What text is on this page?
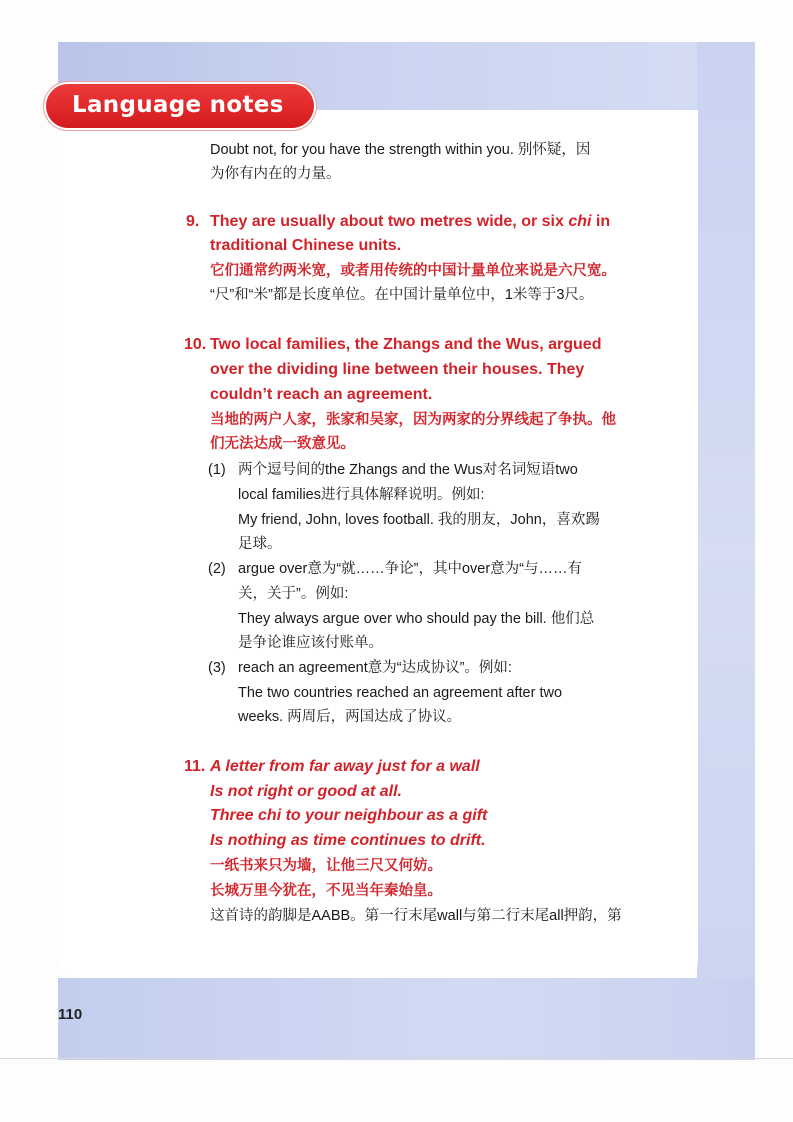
Language notes
Doubt not, for you have the strength within you. 别怀疑，因
为你有内在的力量。
9. They are usually about two metres wide, or six chi in
traditional Chinese units.
它们通常约两米宽，或者用传统的中国计量单位来说是六尺宽。
“尺”和“米”都是长度单位。在中国计量单位中，1米等于3尺。
10. Two local families, the Zhangs and the Wus, argued
over the dividing line between their houses. They
couldn’t reach an agreement.
当地的两户人家，张家和吴家，因为两家的分界线起了争执。他
们无法达成一致意见。
(1) 两个逗号间的the Zhangs and the Wus对名词短语two
local families进行具体解释说明。例如:
My friend, John, loves football. 我的朋友，John，喜欢踢
足球。
(2) argue over意为“就……争论”，其中over意为“与……有
关，关于”。例如:
They always argue over who should pay the bill. 他们总
是争论谁应该付账单。
(3) reach an agreement意为“达成协议”。例如:
The two countries reached an agreement after two
weeks. 两周后，两国达成了协议。
11. A letter from far away just for a wall
Is not right or good at all.
Three chi to your neighbour as a gift
Is nothing as time continues to drift.
一纸书来只为墙，让他三尺又何妨。
长城万里今犹在，不见当年秦始皇。
这首诗的韵脚是AABB。第一行末尾wall与第二行末尾all押韵，第
110
